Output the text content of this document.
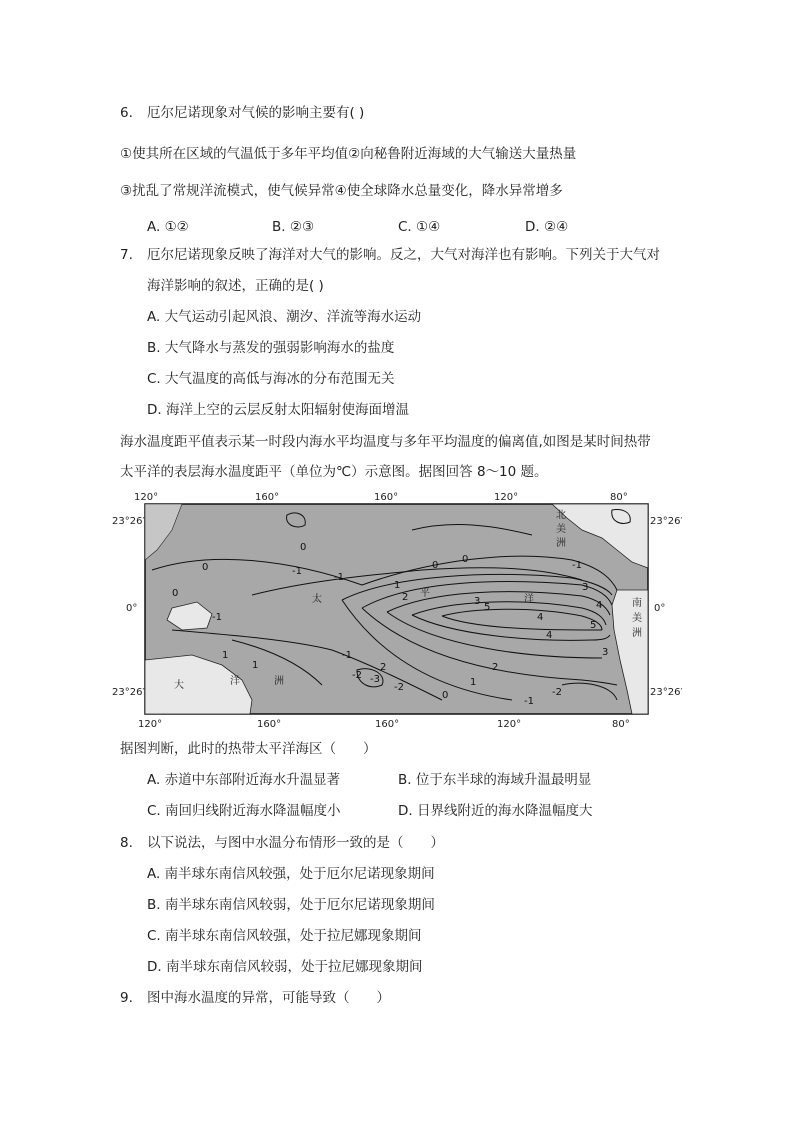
6. 厄尔尼诺现象对气候的影响主要有( )
①使其所在区域的气温低于多年平均值②向秘鲁附近海域的大气输送大量热量
③扰乱了常规洋流模式，使气候异常④使全球降水总量变化，降水异常增多
A. ①②	B. ②③	C. ①④	D. ②④
7. 厄尔尼诺现象反映了海洋对大气的影响。反之，大气对海洋也有影响。下列关于大气对
海洋影响的叙述，正确的是( )
A. 大气运动引起风浪、潮汐、洋流等海水运动
B. 大气降水与蒸发的强弱影响海水的盐度
C. 大气温度的高低与海冰的分布范围无关
D. 海洋上空的云层反射太阳辐射使海面增温
海水温度距平值表示某一时段内海水平均温度与多年平均温度的偏离值,如图是某时间热带
太平洋的表层海水温度距平（单位为℃）示意图。据图回答 8～10 题。
120°	160°	160°	120°	80°
120°	160°	160°	120°	80°
23°26′
0°
23°26′
23°26′
0°
23°26′
北
美
洲
南
美
洲
大	洋	洲
太
平
洋
0
-1
1
2	3	4
5
-2
-1
0
-3
-2
4
5
3
2
1
0
-1
-2
0
1
-1
-1
0
-1
1
2
3
4
0
据图判断，此时的热带太平洋海区（　　）
A. 赤道中东部附近海水升温显著	B. 位于东半球的海域升温最明显
C. 南回归线附近海水降温幅度小	D. 日界线附近的海水降温幅度大
8. 以下说法，与图中水温分布情形一致的是（　　）
A. 南半球东南信风较强，处于厄尔尼诺现象期间
B. 南半球东南信风较弱，处于厄尔尼诺现象期间
C. 南半球东南信风较强，处于拉尼娜现象期间
D. 南半球东南信风较弱，处于拉尼娜现象期间
9. 图中海水温度的异常，可能导致（　　）
